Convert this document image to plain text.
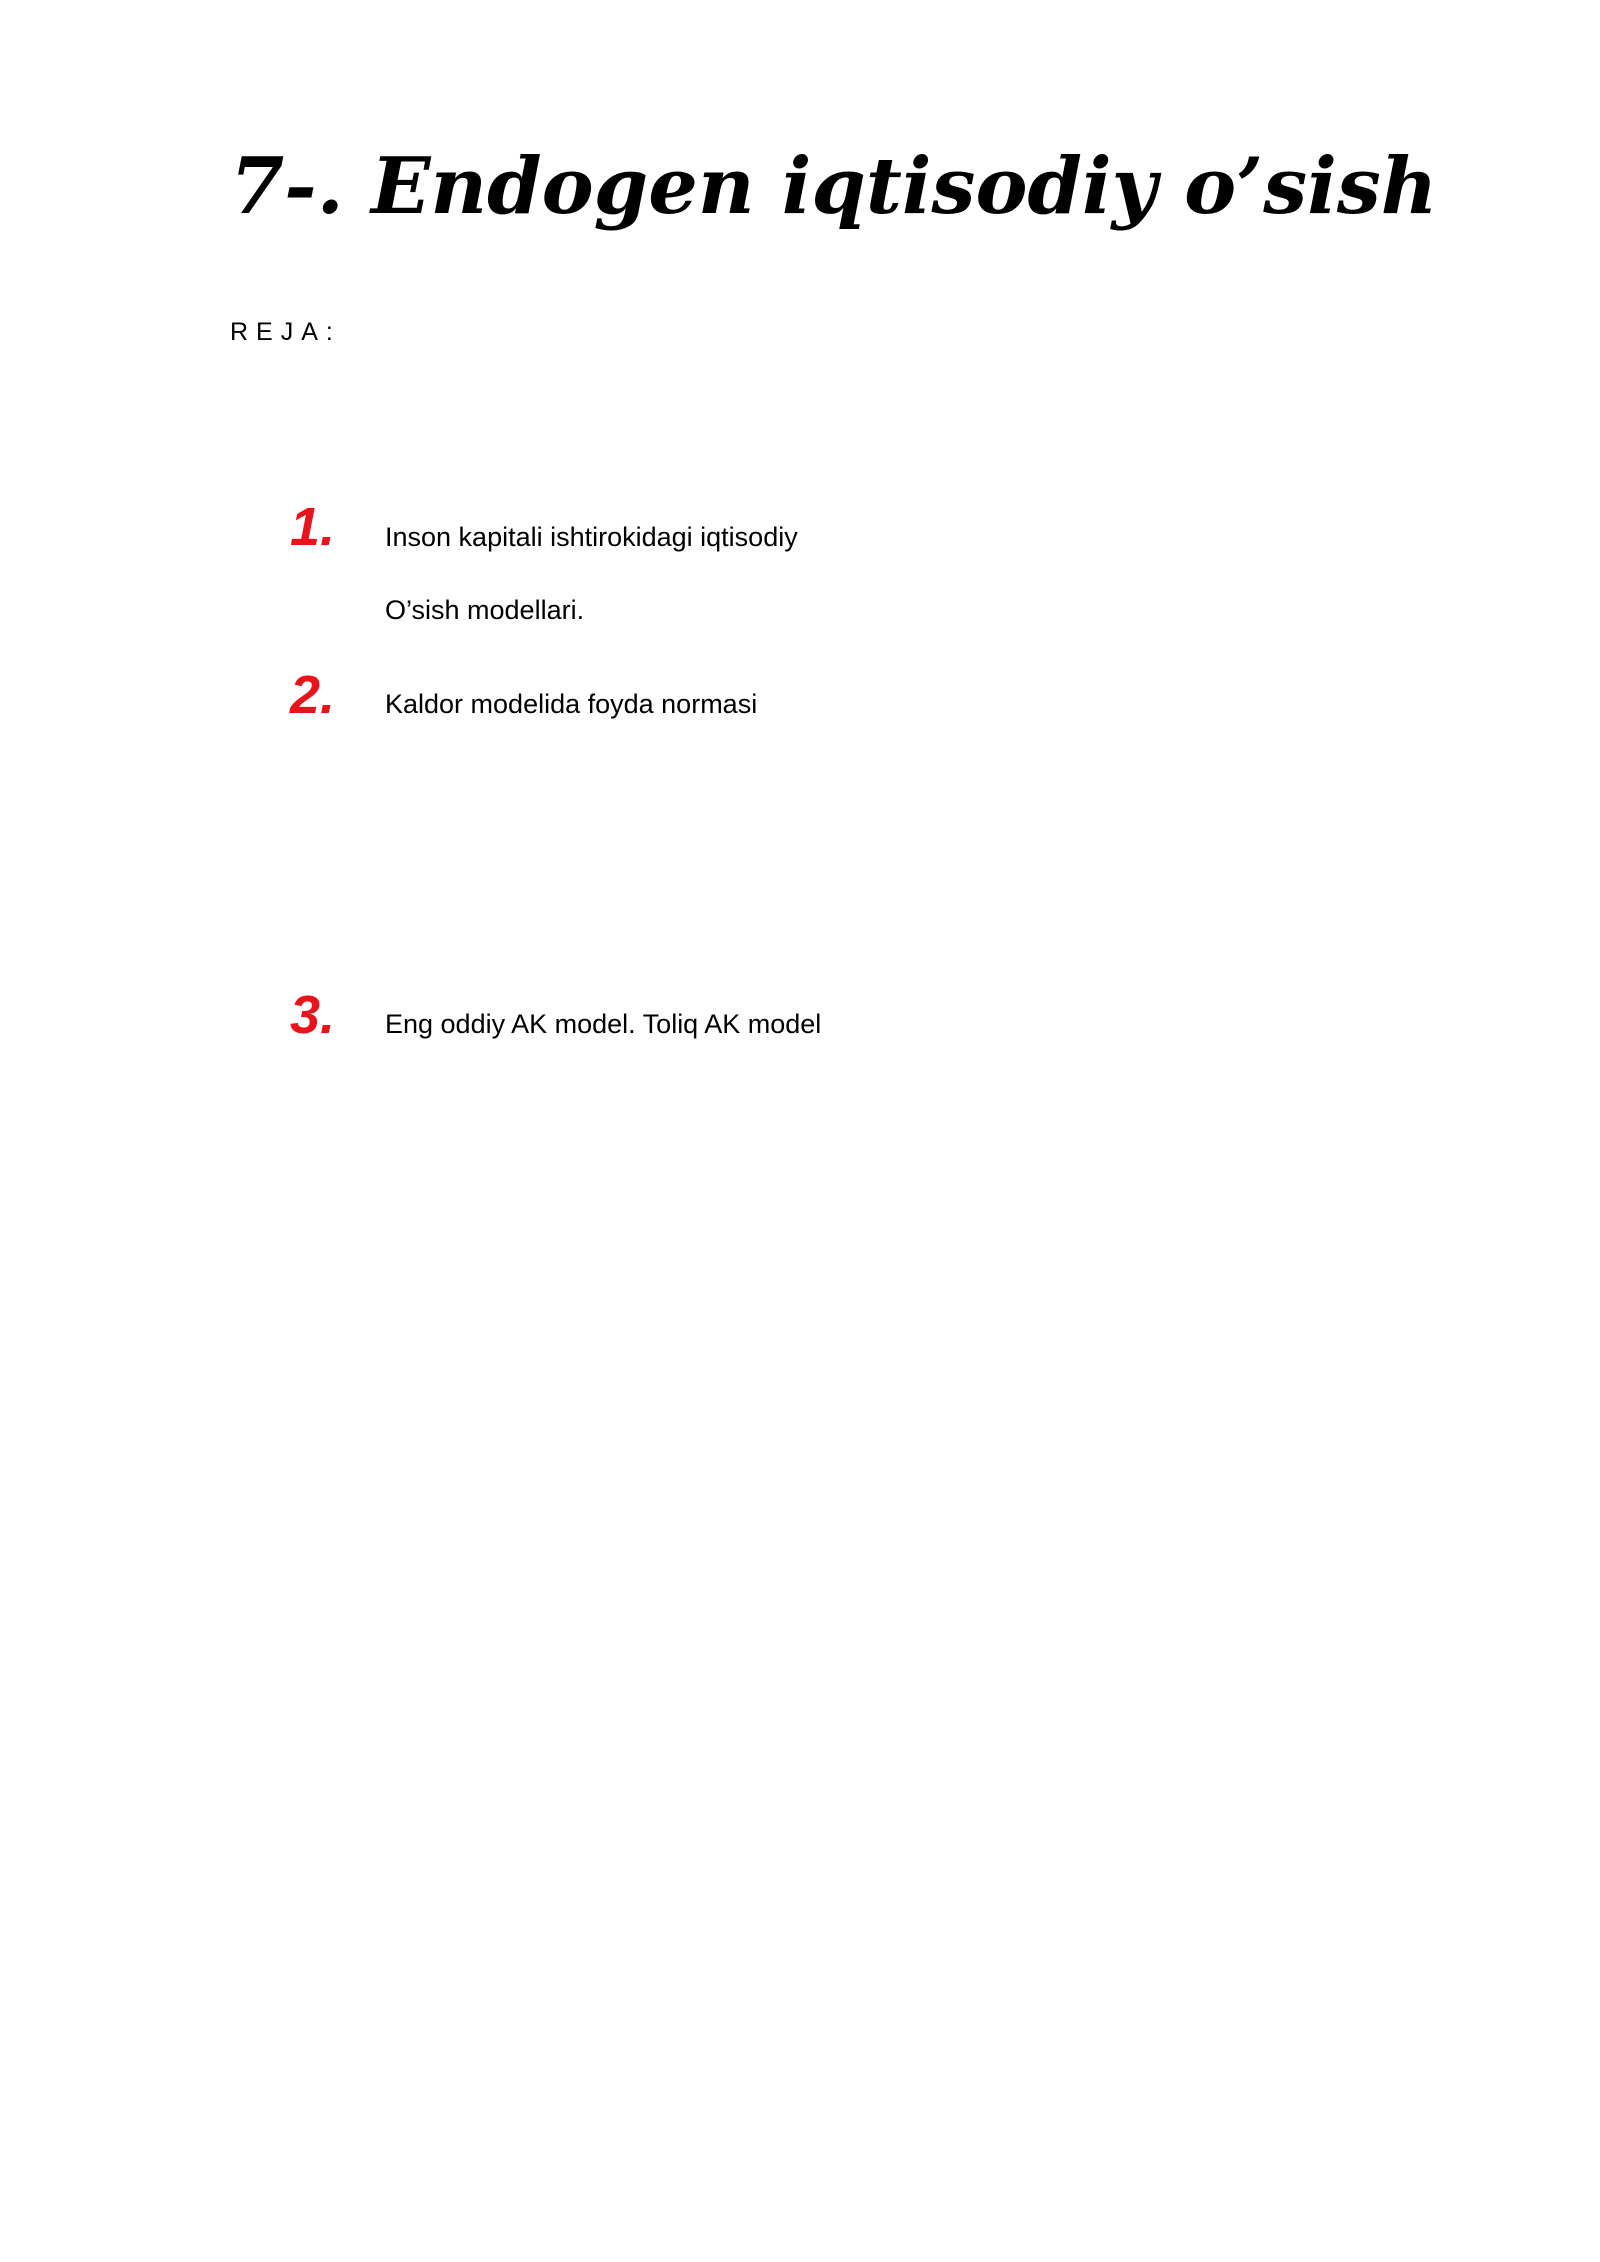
7-. Endogen iqtisodiy o’sish
REJA:
1. Inson kapitali ishtirokidagi iqtisodiy
O’sish modellari.
2. Kaldor modelida foyda normasi
3. Eng oddiy AK model. Toliq AK model
